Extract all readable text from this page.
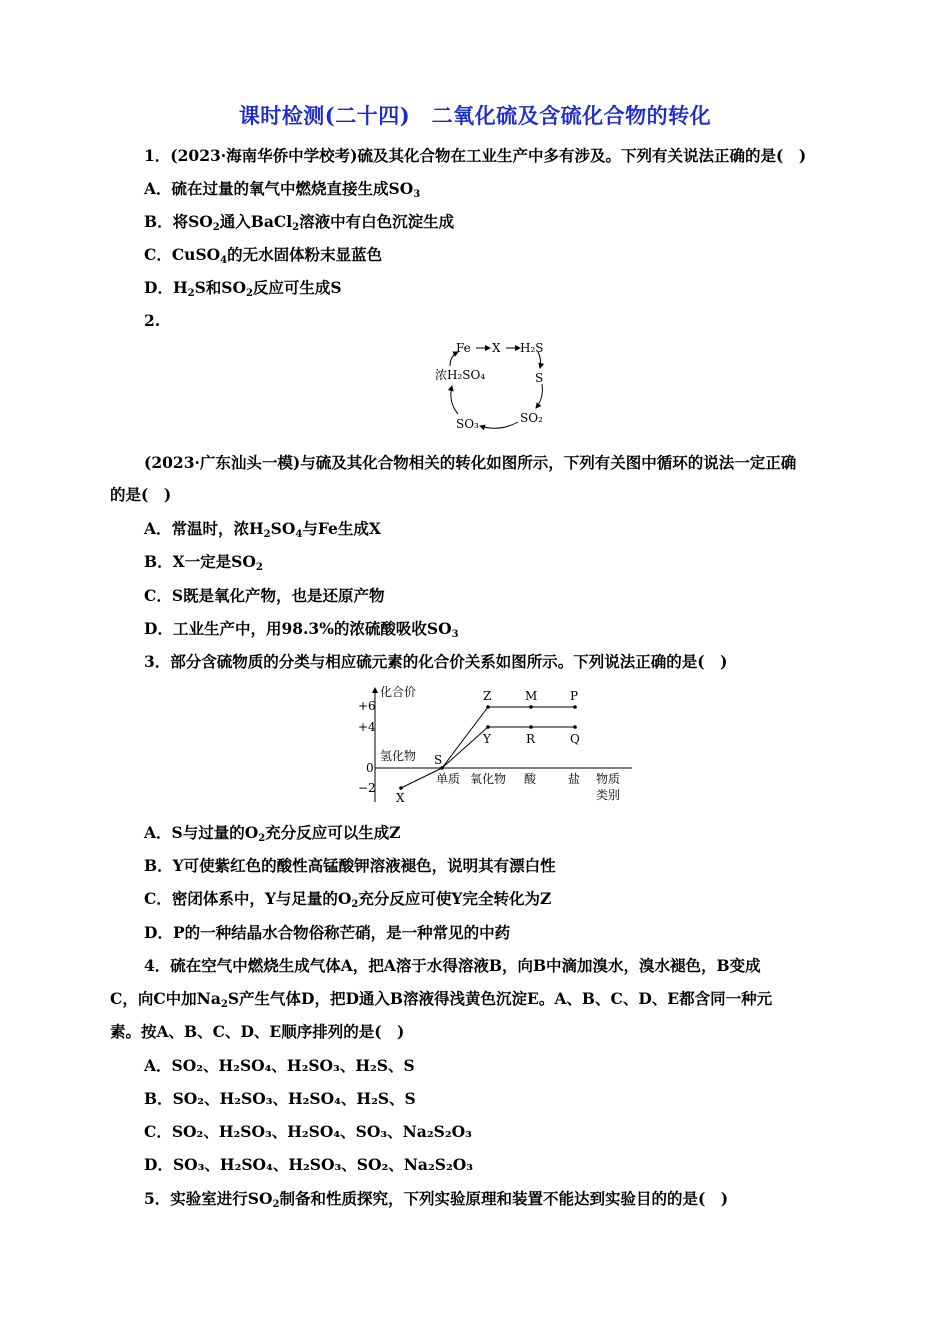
课时检测(二十四)　二氧化硫及含硫化合物的转化
1．(2023·海南华侨中学校考)硫及其化合物在工业生产中多有涉及。下列有关说法正确的是(　)
A．硫在过量的氧气中燃烧直接生成$SO_3$
B．将$SO_2$通入BaCl$_2$溶液中有白色沉淀生成
C．CuSO$_4$的无水固体粉末显蓝色
D．$H_2S$和$SO_2$反应可生成S
2.
Fe X H₂S
S
SO₂
SO₃
浓H₂SO₄
(2023·广东汕头一模)与硫及其化合物相关的转化如图所示，下列有关图中循环的说法一定正确
的是(　)
A．常温时，浓$H_2SO_4$与Fe生成X
B．X一定是$SO_2$
C．S既是氧化产物，也是还原产物
D．工业生产中，用98.3%的浓硫酸吸收$SO_3$
3．部分含硫物质的分类与相应硫元素的化合价关系如图所示。下列说法正确的是(　)
化合价
+6
+4
0
−2
氢化物
X
S
Z	M	P
Y	R	Q
单质 氧化物 酸	盐 物质
类别
A．S与过量的$O_2$充分反应可以生成Z
B．Y可使紫红色的酸性高锰酸钾溶液褪色，说明其有漂白性
C．密闭体系中，Y与足量的$O_2$充分反应可使Y完全转化为Z
D．P的一种结晶水合物俗称芒硝，是一种常见的中药
4．硫在空气中燃烧生成气体A，把A溶于水得溶液B，向B中滴加溴水，溴水褪色，B变成
C，向C中加$Na_2S$产生气体D，把D通入B溶液得浅黄色沉淀E。A、B、C、D、E都含同一种元
素。按A、B、C、D、E顺序排列的是(　)
A．SO₂、H₂SO₄、H₂SO₃、H₂S、S
B．SO₂、H₂SO₃、H₂SO₄、H₂S、S
C．SO₂、H₂SO₃、H₂SO₄、SO₃、Na₂S₂O₃
D．SO₃、H₂SO₄、H₂SO₃、SO₂、Na₂S₂O₃
5．实验室进行$SO_2$制备和性质探究，下列实验原理和装置不能达到实验目的的是(　)
